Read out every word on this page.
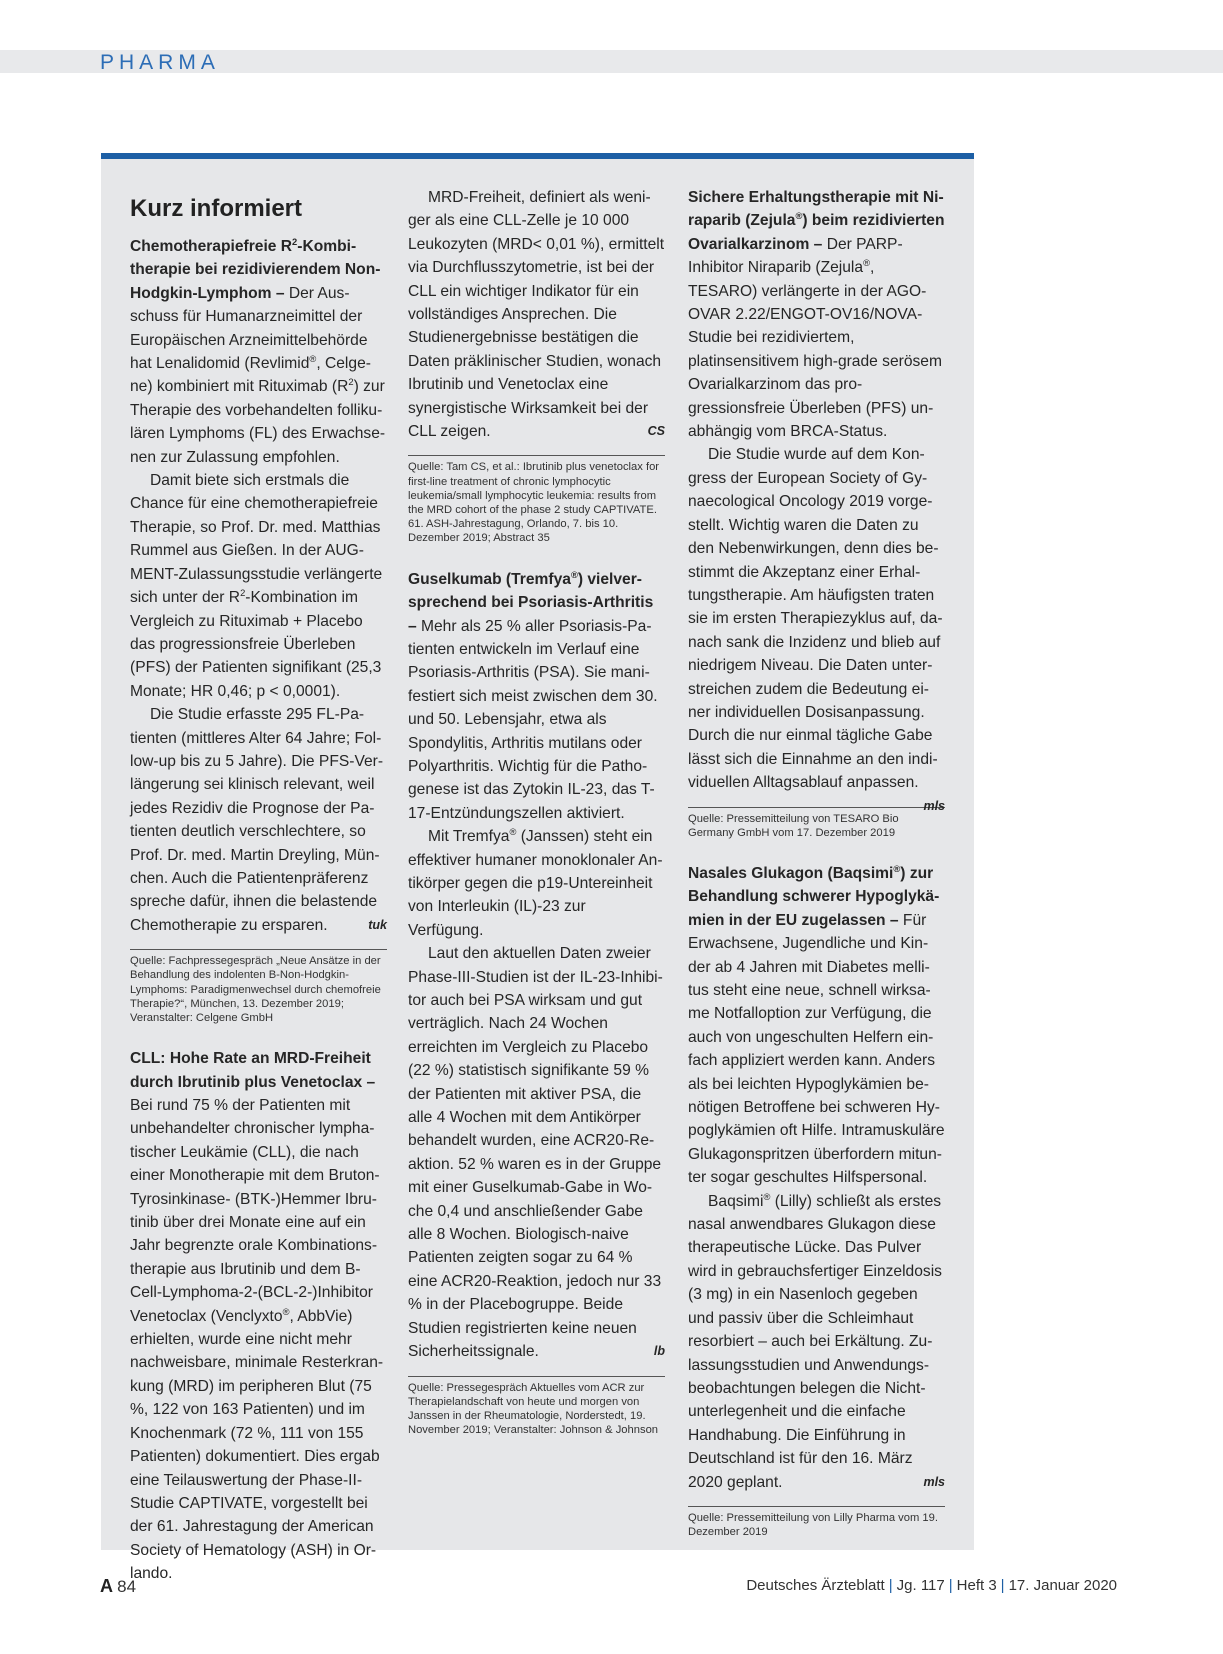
PHARMA
Kurz informiert

Chemotherapiefreie $R^2$-Kombitherapie bei rezidivierendem Non-Hodgkin-Lymphom – Der Ausschuss für Humanarzneimittel der Europäischen Arzneimittelbehörde hat Lenalidomid (Revlimid®, Celgene) kombiniert mit Rituximab $(R^2)$ zur Therapie des vorbehandelten follikulären Lymphoms (FL) des Erwachsenen zur Zulassung empfohlen.

Damit biete sich erstmals die Chance für eine chemotherapiefreie Therapie, so Prof. Dr. med. Matthias Rummel aus Gießen. In der AUGMENT-Zulassungsstudie verlängerte sich unter der $R^2$-Kombination im Vergleich zu Rituximab + Placebo das progressionsfreie Überleben (PFS) der Patienten signifikant (25,3 Monate; HR 0,46; p < 0,0001).

Die Studie erfasste 295 FL-Patienten (mittleres Alter 64 Jahre; Follow-up bis zu 5 Jahre). Die PFS-Verlängerung sei klinisch relevant, weil jedes Rezidiv die Prognose der Patienten deutlich verschlechtere, so Prof. Dr. med. Martin Dreyling, München. Auch die Patientenpräferenz spreche dafür, ihnen die belastende Chemotherapie zu ersparen.	tuk

Quelle: Fachpressegespräch „Neue Ansätze in der Behandlung des indolenten B-Non-Hodgkin-Lymphoms: Paradigmenwechsel durch chemofreie Therapie?“, München, 13. Dezember 2019; Veranstalter: Celgene GmbH

CLL: Hohe Rate an MRD-Freiheit durch Ibrutinib plus Venetoclax – Bei rund 75 % der Patienten mit unbehandelter chronischer lymphatischer Leukämie (CLL), die nach einer Monotherapie mit dem Bruton-Tyrosinkinase- (BTK-)Hemmer Ibrutinib über drei Monate eine auf ein Jahr begrenzte orale Kombinationstherapie aus Ibrutinib und dem B-Cell-Lymphoma-2-(BCL-2-)Inhibitor Venetoclax (Venclyxto®, AbbVie) erhielten, wurde eine nicht mehr nachweisbare, minimale Resterkrankung (MRD) im peripheren Blut (75 %, 122 von 163 Patienten) und im Knochenmark (72 %, 111 von 155 Patienten) dokumentiert. Dies ergab eine Teilauswertung der Phase-II-Studie CAPTIVATE, vorgestellt bei der 61. Jahrestagung der American Society of Hematology (ASH) in Orlando.

MRD-Freiheit, definiert als weniger als eine CLL-Zelle je 10 000 Leukozyten (MRD< 0,01 %), ermittelt via Durchflusszytometrie, ist bei der CLL ein wichtiger Indikator für ein vollständiges Ansprechen. Die Studienergebnisse bestätigen die Daten präklinischer Studien, wonach Ibrutinib und Venetoclax eine synergistische Wirksamkeit bei der CLL zeigen.	CS

Quelle: Tam CS, et al.: Ibrutinib plus venetoclax for first-line treatment of chronic lymphocytic leukemia/small lymphocytic leukemia: results from the MRD cohort of the phase 2 study CAPTIVATE. 61. ASH-Jahrestagung, Orlando, 7. bis 10. Dezember 2019; Abstract 35

Guselkumab (Tremfya®) vielversprechend bei Psoriasis-Arthritis – Mehr als 25 % aller Psoriasis-Patienten entwickeln im Verlauf eine Psoriasis-Arthritis (PSA). Sie manifestiert sich meist zwischen dem 30. und 50. Lebensjahr, etwa als Spondylitis, Arthritis mutilans oder Polyarthritis. Wichtig für die Pathogenese ist das Zytokin IL-23, das T-17-Entzündungszellen aktiviert.

Mit Tremfya® (Janssen) steht ein effektiver humaner monoklonaler Antikörper gegen die p19-Untereinheit von Interleukin (IL)-23 zur Verfügung.

Laut den aktuellen Daten zweier Phase-III-Studien ist der IL-23-Inhibitor auch bei PSA wirksam und gut verträglich. Nach 24 Wochen erreichten im Vergleich zu Placebo (22 %) statistisch signifikante 59 % der Patienten mit aktiver PSA, die alle 4 Wochen mit dem Antikörper behandelt wurden, eine ACR20-Reaktion. 52 % waren es in der Gruppe mit einer Guselkumab-Gabe in Woche 0,4 und anschließender Gabe alle 8 Wochen. Biologisch-naive Patienten zeigten sogar zu 64 % eine ACR20-Reaktion, jedoch nur 33 % in der Placebogruppe. Beide Studien registrierten keine neuen Sicherheitssignale.	lb

Quelle: Pressegespräch Aktuelles vom ACR zur Therapielandschaft von heute und morgen von Janssen in der Rheumatologie, Norderstedt, 19. November 2019; Veranstalter: Johnson & Johnson

Sichere Erhaltungstherapie mit Niraparib (Zejula®) beim rezidivierten Ovarialkarzinom – Der PARP-Inhibitor Niraparib (Zejula®, TESARO) verlängerte in der AGO-OVAR 2.22/ENGOT-OV16/NOVA-Studie bei rezidiviertem, platinsensitivem high-grade serösem Ovarialkarzinom das progressionsfreie Überleben (PFS) unabhängig vom BRCA-Status.

Die Studie wurde auf dem Kongress der European Society of Gynaecological Oncology 2019 vorgestellt. Wichtig waren die Daten zu den Nebenwirkungen, denn dies bestimmt die Akzeptanz einer Erhaltungstherapie. Am häufigsten traten sie im ersten Therapiezyklus auf, danach sank die Inzidenz und blieb auf niedrigem Niveau. Die Daten unterstreichen zudem die Bedeutung einer individuellen Dosisanpassung. Durch die nur einmal tägliche Gabe lässt sich die Einnahme an den individuellen Alltagsablauf anpassen.
mls

Quelle: Pressemitteilung von TESARO Bio Germany GmbH vom 17. Dezember 2019

Nasales Glukagon (Baqsimi®) zur Behandlung schwerer Hypoglykämien in der EU zugelassen – Für Erwachsene, Jugendliche und Kinder ab 4 Jahren mit Diabetes mellitus steht eine neue, schnell wirksame Notfalloption zur Verfügung, die auch von ungeschulten Helfern einfach appliziert werden kann. Anders als bei leichten Hypoglykämien benötigen Betroffene bei schweren Hypoglykämien oft Hilfe. Intramuskuläre Glukagonspritzen überfordern mitunter sogar geschultes Hilfspersonal.

Baqsimi® (Lilly) schließt als erstes nasal anwendbares Glukagon diese therapeutische Lücke. Das Pulver wird in gebrauchsfertiger Einzeldosis (3 mg) in ein Nasenloch gegeben und passiv über die Schleimhaut resorbiert – auch bei Erkältung. Zulassungsstudien und Anwendungsbeobachtungen belegen die Nichtunterlegenheit und die einfache Handhabung. Die Einführung in Deutschland ist für den 16. März 2020 geplant.	mls

Quelle: Pressemitteilung von Lilly Pharma vom 19. Dezember 2019
A 84	Deutsches Ärzteblatt | Jg. 117 | Heft 3 | 17. Januar 2020
